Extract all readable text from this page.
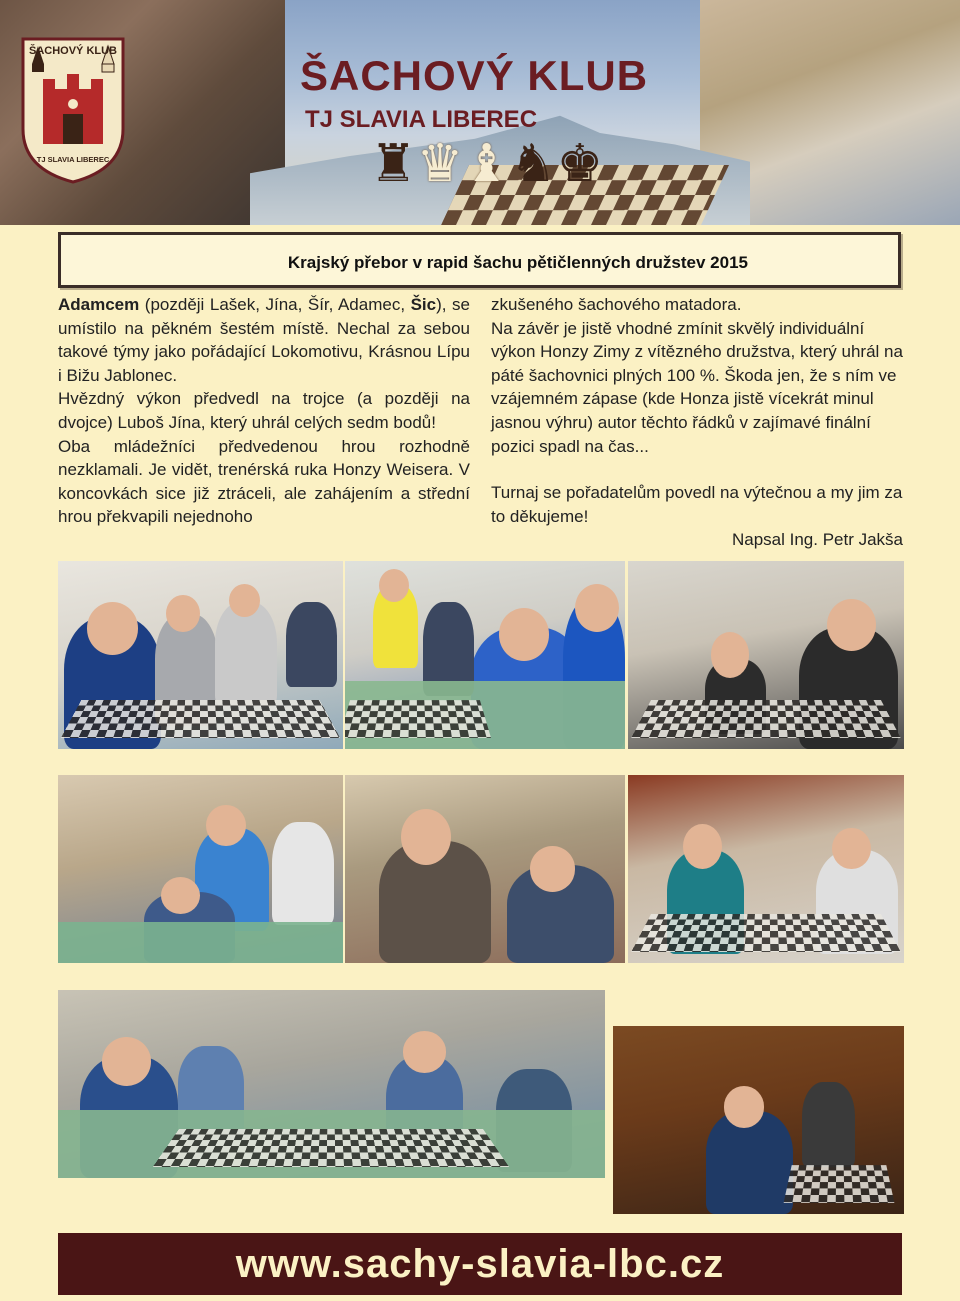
ŠACHOVÝ KLUB
TJ SLAVIA LIBEREC
ŠACHOVÝ KLUB
TJ SLAVIA LIBEREC
♜♛♝♞♚
Krajský přebor v rapid šachu pětičlenných družstev 2015

Adamcem (později Lašek, Jína, Šír, Adamec, Šic), se umístilo na pěkném šestém místě. Nechal za sebou takové týmy jako pořádající Lokomotivu, Krásnou Lípu i Bižu Jablonec.

Hvězdný výkon předvedl na trojce (a později na dvojce) Luboš Jína, který uhrál celých sedm bodů!

Oba mládežníci předvedenou hrou rozhodně nezklamali. Je vidět, trenérská ruka Honzy Weisera. V koncovkách sice již ztráceli, ale zahájením a střední hrou překvapili nejednoho

zkušeného šachového matadora.

Na závěr je jistě vhodné zmínit skvělý individuální výkon Honzy Zimy z vítězného družstva, který uhrál na páté šachovnici plných 100 %. Škoda jen, že s ním ve vzájemném zápase (kde Honza jistě vícekrát minul jasnou výhru) autor těchto řádků v zajímavé finální pozici spadl na čas...

Turnaj se pořadatelům povedl na výtečnou a my jim za to děkujeme!

Napsal Ing. Petr Jakša

www.sachy-slavia-lbc.cz
